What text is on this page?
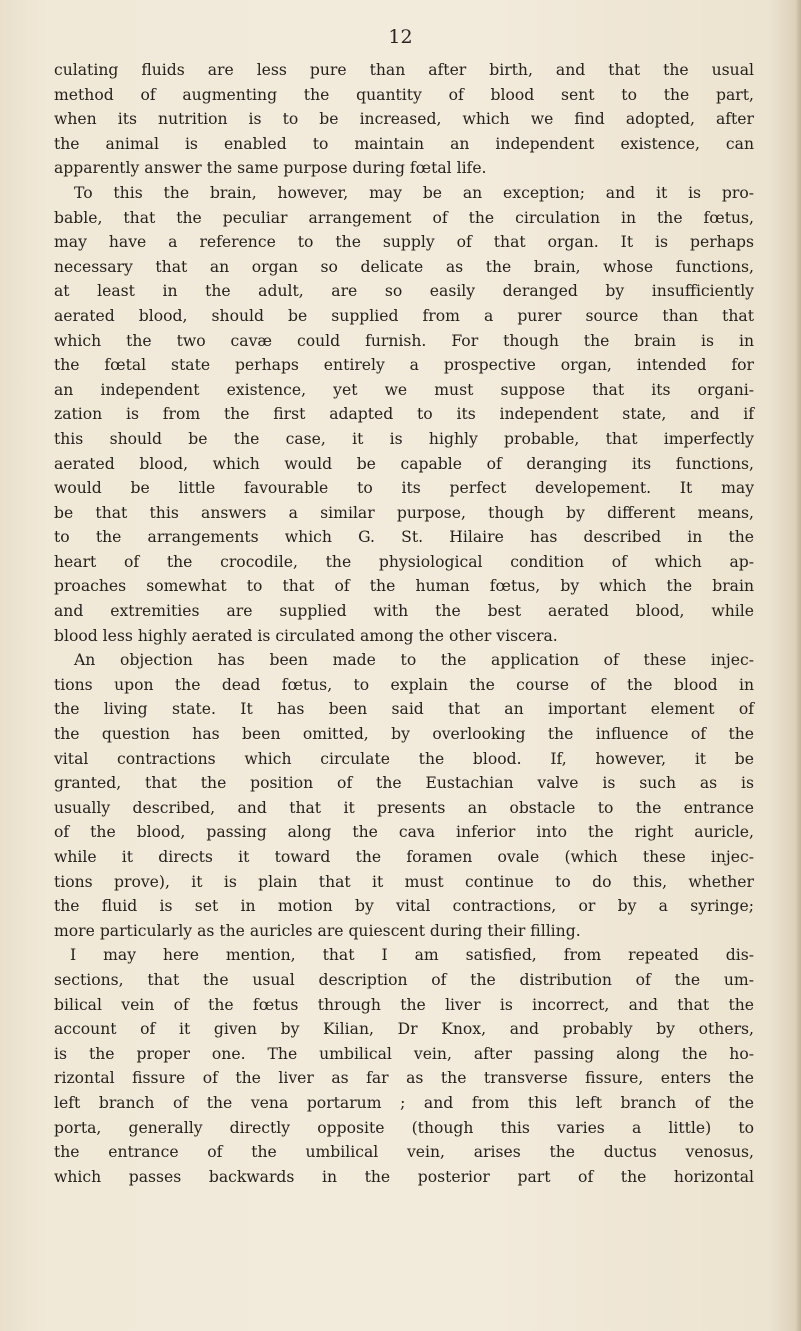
12
culating fluids are less pure than after birth, and that the usual
method of augmenting the quantity of blood sent to the part,
when its nutrition is to be increased, which we find adopted, after
the animal is enabled to maintain an independent existence, can
apparently answer the same purpose during fœtal life.
To this the brain, however, may be an exception; and it is pro-
bable, that the peculiar arrangement of the circulation in the fœtus,
may have a reference to the supply of that organ. It is perhaps
necessary that an organ so delicate as the brain, whose functions,
at least in the adult, are so easily deranged by insufficiently
aerated blood, should be supplied from a purer source than that
which the two cavæ could furnish. For though the brain is in
the fœtal state perhaps entirely a prospective organ, intended for
an independent existence, yet we must suppose that its organi-
zation is from the first adapted to its independent state, and if
this should be the case, it is highly probable, that imperfectly
aerated blood, which would be capable of deranging its functions,
would be little favourable to its perfect developement. It may
be that this answers a similar purpose, though by different means,
to the arrangements which G. St. Hilaire has described in the
heart of the crocodile, the physiological condition of which ap-
proaches somewhat to that of the human fœtus, by which the brain
and extremities are supplied with the best aerated blood, while
blood less highly aerated is circulated among the other viscera.
An objection has been made to the application of these injec-
tions upon the dead fœtus, to explain the course of the blood in
the living state. It has been said that an important element of
the question has been omitted, by overlooking the influence of the
vital contractions which circulate the blood. If, however, it be
granted, that the position of the Eustachian valve is such as is
usually described, and that it presents an obstacle to the entrance
of the blood, passing along the cava inferior into the right auricle,
while it directs it toward the foramen ovale (which these injec-
tions prove), it is plain that it must continue to do this, whether
the fluid is set in motion by vital contractions, or by a syringe;
more particularly as the auricles are quiescent during their filling.
I may here mention, that I am satisfied, from repeated dis-
sections, that the usual description of the distribution of the um-
bilical vein of the fœtus through the liver is incorrect, and that the
account of it given by Kilian, Dr Knox, and probably by others,
is the proper one. The umbilical vein, after passing along the ho-
rizontal fissure of the liver as far as the transverse fissure, enters the
left branch of the vena portarum ; and from this left branch of the
porta, generally directly opposite (though this varies a little) to
the entrance of the umbilical vein, arises the ductus venosus,
which passes backwards in the posterior part of the horizontal
